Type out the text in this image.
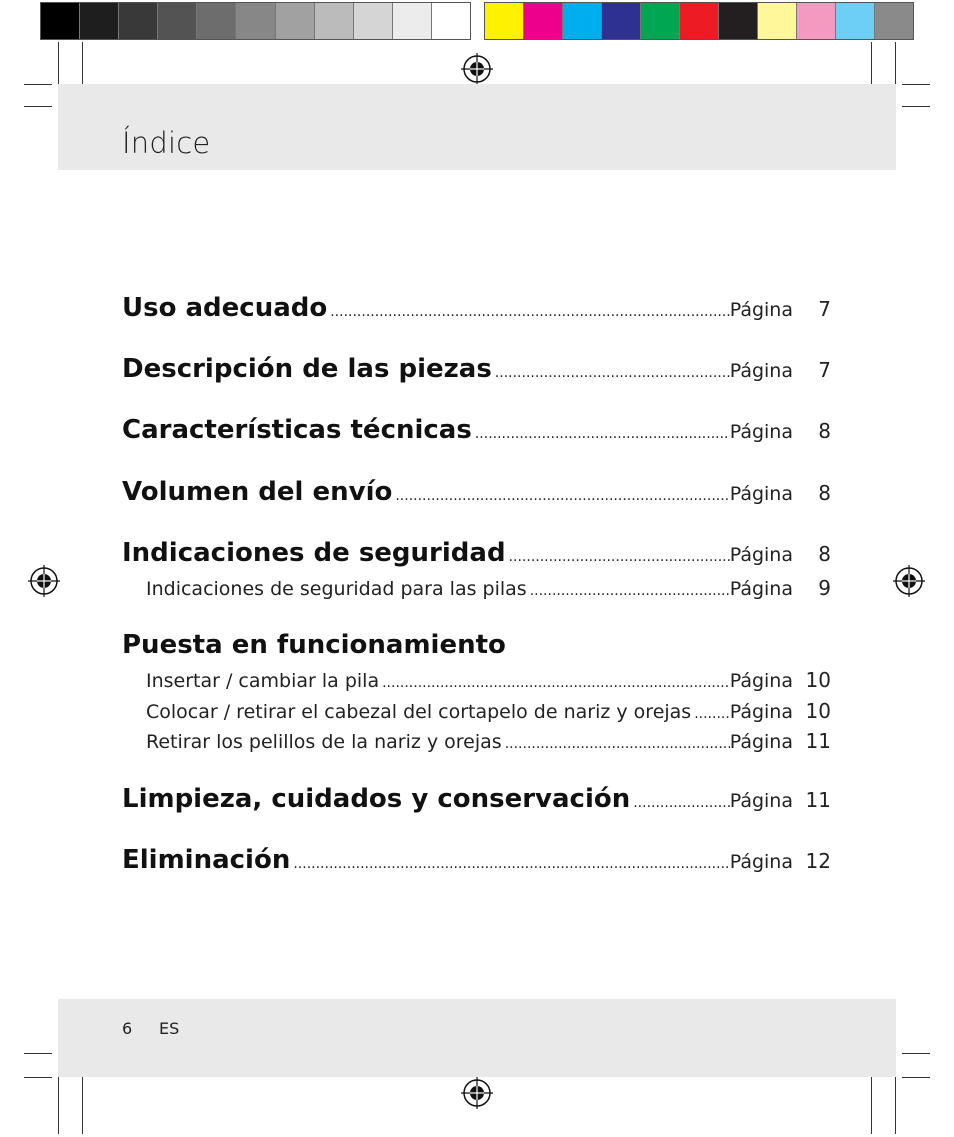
Índice
Uso adecuado .....	Página	7
Descripción de las piezas .....	Página	7
Características técnicas .....	Página	8
Volumen del envío .....	Página	8
Indicaciones de seguridad .....	Página	8
Indicaciones de seguridad para las pilas .....	Página	9
Puesta en funcionamiento
Insertar / cambiar la pila .....	Página 10
Colocar / retirar el cabezal del cortapelo de nariz y orejas ..... Página 10
Retirar los pelillos de la nariz y orejas .....	Página 11
Limpieza, cuidados y conservación .....	Página 11
Eliminación .....	Página 12
6 ES
